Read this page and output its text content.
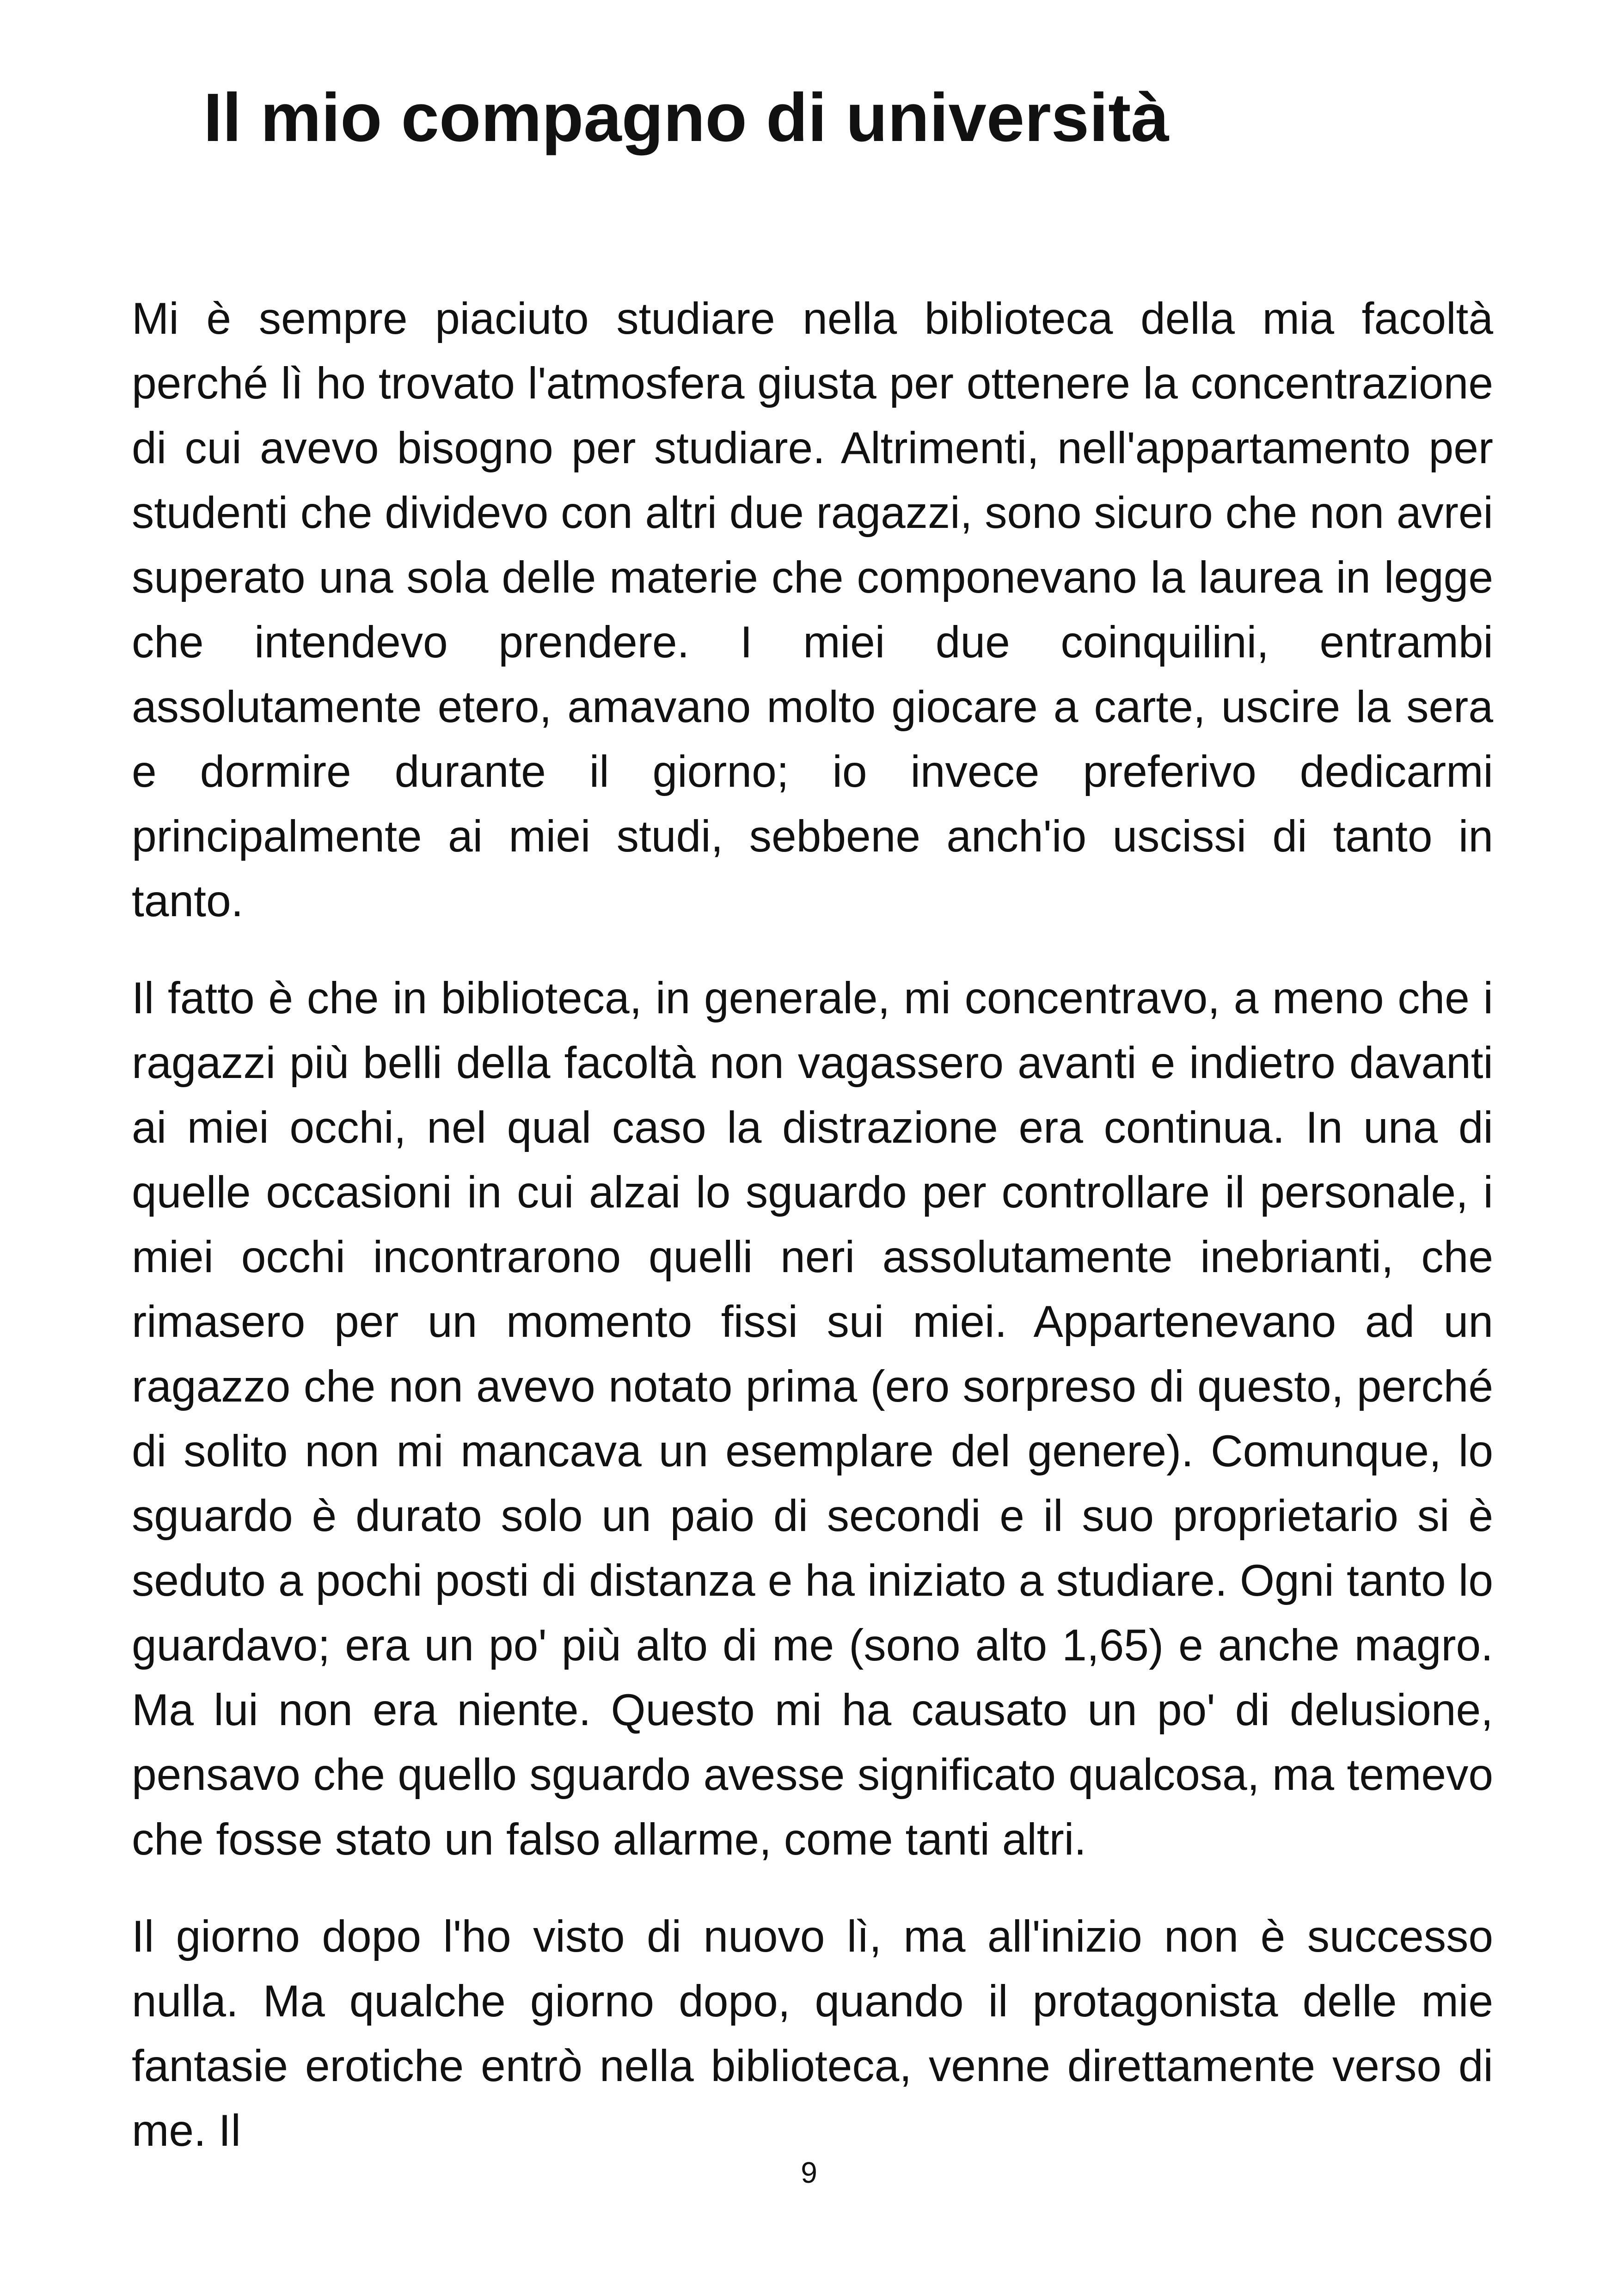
Il mio compagno di università

Mi è sempre piaciuto studiare nella biblioteca della mia facoltà perché lì ho trovato l'atmosfera giusta per ottenere la concentrazione di cui avevo bisogno per studiare. Altrimenti, nell'appartamento per studenti che dividevo con altri due ragazzi, sono sicuro che non avrei superato una sola delle materie che componevano la laurea in legge che intendevo prendere. I miei due coinquilini, entrambi assolutamente etero, amavano molto giocare a carte, uscire la sera e dormire durante il giorno; io invece preferivo dedicarmi principalmente ai miei studi, sebbene anch'io uscissi di tanto in tanto.

Il fatto è che in biblioteca, in generale, mi concentravo, a meno che i ragazzi più belli della facoltà non vagassero avanti e indietro davanti ai miei occhi, nel qual caso la distrazione era continua. In una di quelle occasioni in cui alzai lo sguardo per controllare il personale, i miei occhi incontrarono quelli neri assolutamente inebrianti, che rimasero per un momento fissi sui miei. Appartenevano ad un ragazzo che non avevo notato prima (ero sorpreso di questo, perché di solito non mi mancava un esemplare del genere). Comunque, lo sguardo è durato solo un paio di secondi e il suo proprietario si è seduto a pochi posti di distanza e ha iniziato a studiare. Ogni tanto lo guardavo; era un po' più alto di me (sono alto 1,65) e anche magro. Ma lui non era niente. Questo mi ha causato un po' di delusione, pensavo che quello sguardo avesse significato qualcosa, ma temevo che fosse stato un falso allarme, come tanti altri.

Il giorno dopo l'ho visto di nuovo lì, ma all'inizio non è successo nulla. Ma qualche giorno dopo, quando il protagonista delle mie fantasie erotiche entrò nella biblioteca, venne direttamente verso di me. Il

9
